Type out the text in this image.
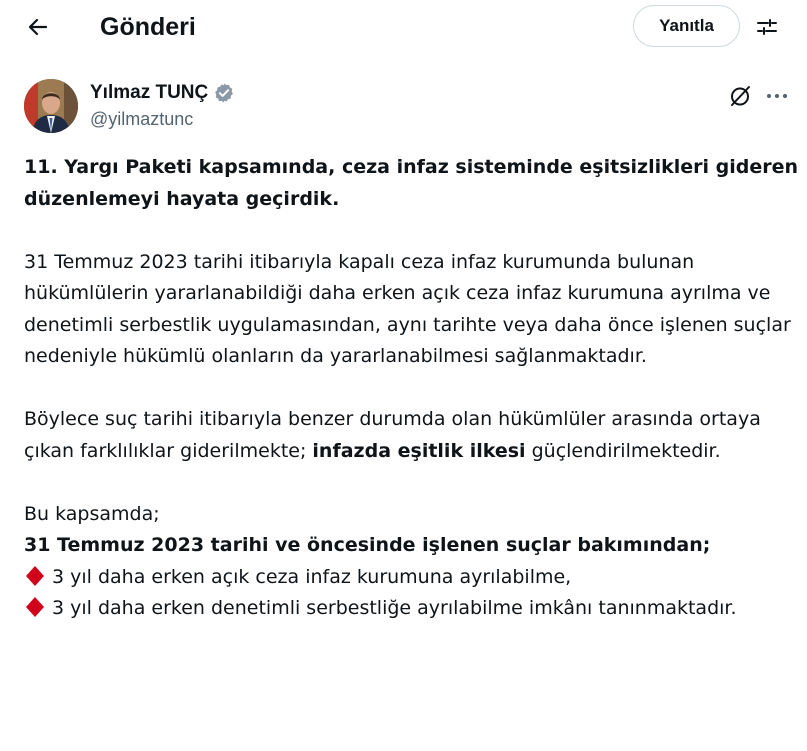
Gönderi	Yanıtla
Yılmaz TUNÇ
@yilmaztunc

11. Yargı Paketi kapsamında, ceza infaz sisteminde eşitsizlikleri gideren düzenlemeyi hayata geçirdik.

31 Temmuz 2023 tarihi itibarıyla kapalı ceza infaz kurumunda bulunan hükümlülerin yararlanabildiği daha erken açık ceza infaz kurumuna ayrılma ve denetimli serbestlik uygulamasından, aynı tarihte veya daha önce işlenen suçlar nedeniyle hükümlü olanların da yararlanabilmesi sağlanmaktadır.

Böylece suç tarihi itibarıyla benzer durumda olan hükümlüler arasında ortaya çıkan farklılıklar giderilmekte; infazda eşitlik ilkesi güçlendirilmektedir.

Bu kapsamda;

31 Temmuz 2023 tarihi ve öncesinde işlenen suçlar bakımından;

3 yıl daha erken açık ceza infaz kurumuna ayrılabilme,

3 yıl daha erken denetimli serbestliğe ayrılabilme imkânı tanınmaktadır.
